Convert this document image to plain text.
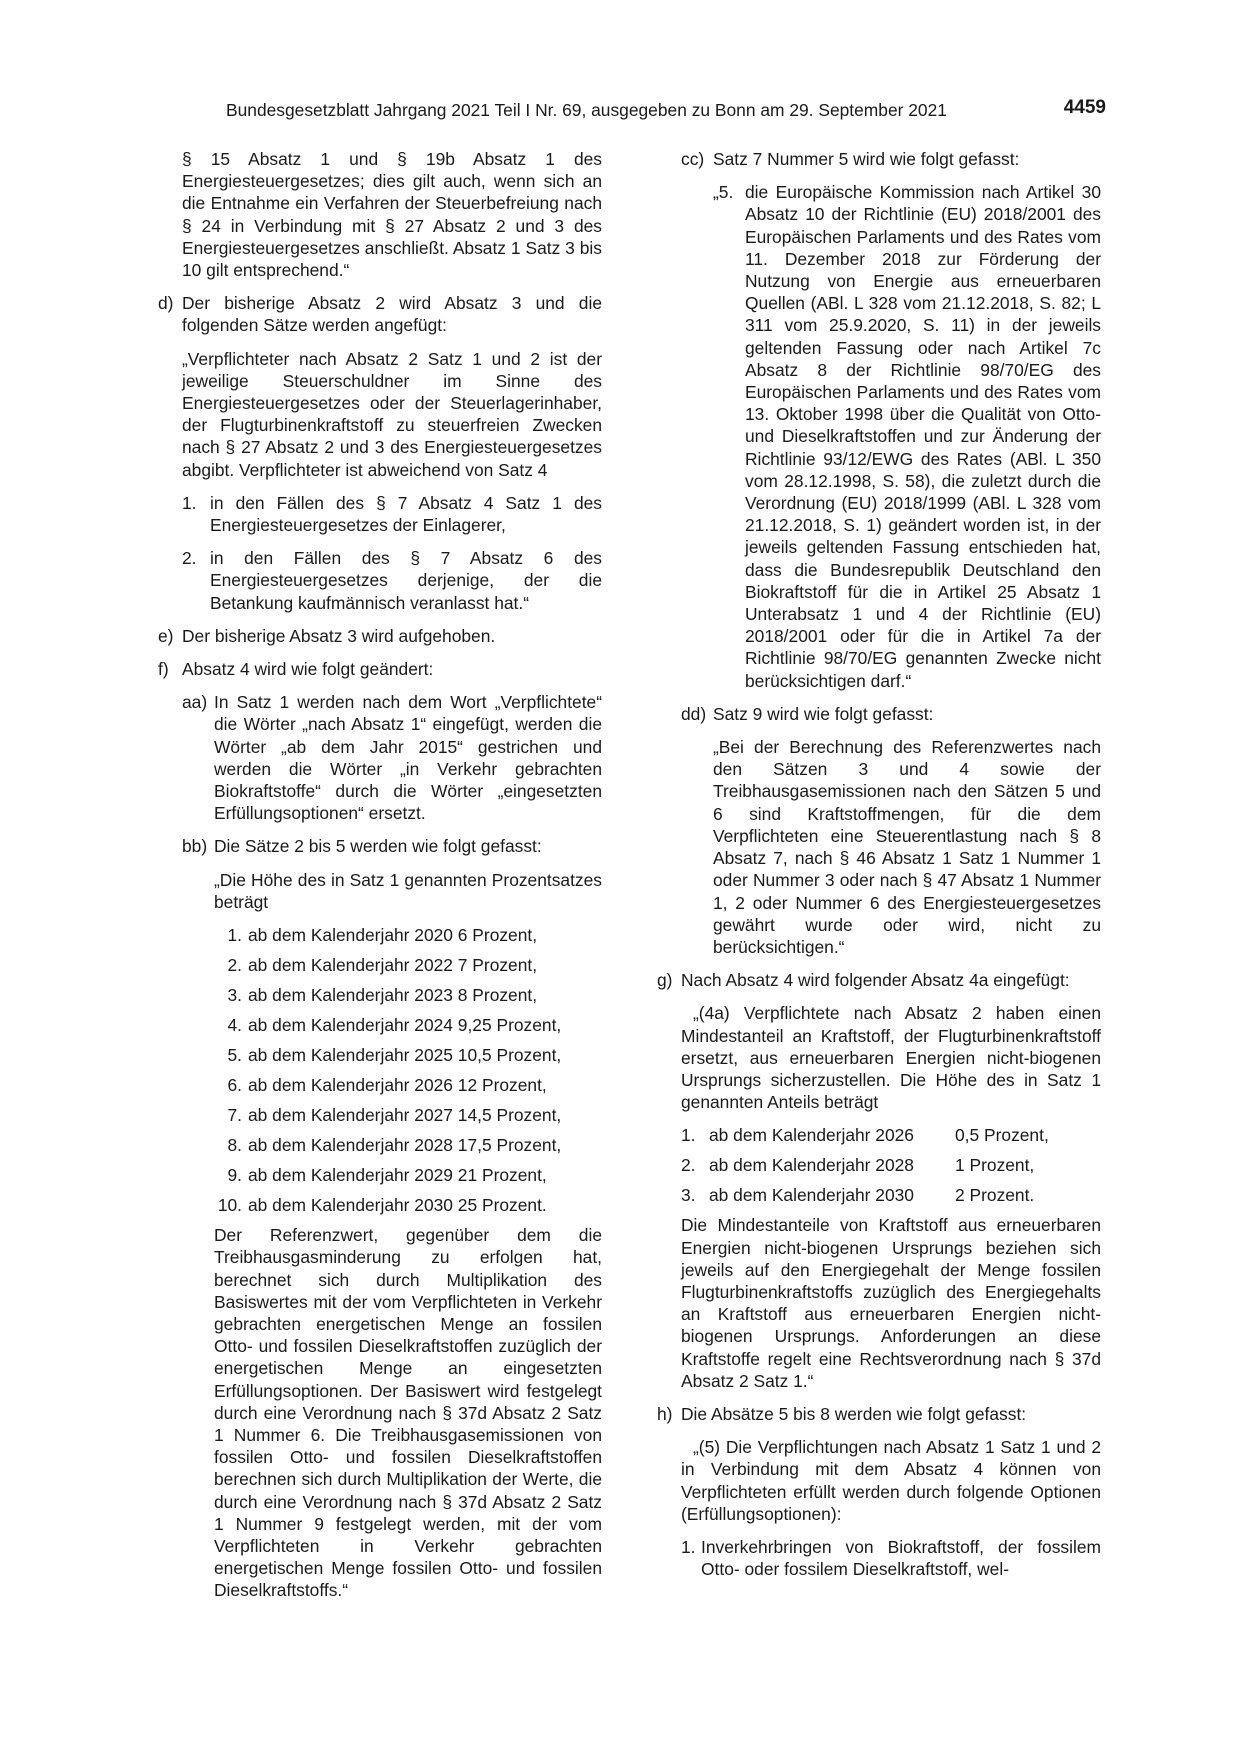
Bundesgesetzblatt Jahrgang 2021 Teil I Nr. 69, ausgegeben zu Bonn am 29. September 2021	4459

§ 15 Absatz 1 und § 19b Absatz 1 des Energiesteuergesetzes; dies gilt auch, wenn sich an die Entnahme ein Verfahren der Steuerbefreiung nach § 24 in Verbindung mit § 27 Absatz 2 und 3 des Energiesteuergesetzes anschließt. Absatz 1 Satz 3 bis 10 gilt entsprechend.“

d) Der bisherige Absatz 2 wird Absatz 3 und die folgenden Sätze werden angefügt:

„Verpflichteter nach Absatz 2 Satz 1 und 2 ist der jeweilige Steuerschuldner im Sinne des Energiesteuergesetzes oder der Steuerlagerinhaber, der Flugturbinenkraftstoff zu steuerfreien Zwecken nach § 27 Absatz 2 und 3 des Energiesteuergesetzes abgibt. Verpflichteter ist abweichend von Satz 4

1. in den Fällen des § 7 Absatz 4 Satz 1 des Energiesteuergesetzes der Einlagerer,
2. in den Fällen des § 7 Absatz 6 des Energiesteuergesetzes derjenige, der die Betankung kaufmännisch veranlasst hat.“
e) Der bisherige Absatz 3 wird aufgehoben.
f) Absatz 4 wird wie folgt geändert:
aa) In Satz 1 werden nach dem Wort „Verpflichtete“ die Wörter „nach Absatz 1“ eingefügt, werden die Wörter „ab dem Jahr 2015“ gestrichen und werden die Wörter „in Verkehr gebrachten Biokraftstoffe“ durch die Wörter „eingesetzten Erfüllungsoptionen“ ersetzt.
bb) Die Sätze 2 bis 5 werden wie folgt gefasst:

„Die Höhe des in Satz 1 genannten Prozentsatzes beträgt

1. ab dem Kalenderjahr 2020 6 Prozent,
2. ab dem Kalenderjahr 2022 7 Prozent,
3. ab dem Kalenderjahr 2023 8 Prozent,
4. ab dem Kalenderjahr 2024 9,25 Prozent,
5. ab dem Kalenderjahr 2025 10,5 Prozent,
6. ab dem Kalenderjahr 2026 12 Prozent,
7. ab dem Kalenderjahr 2027 14,5 Prozent,
8. ab dem Kalenderjahr 2028 17,5 Prozent,
9. ab dem Kalenderjahr 2029 21 Prozent,
10. ab dem Kalenderjahr 2030 25 Prozent.

Der Referenzwert, gegenüber dem die Treibhausgasminderung zu erfolgen hat, berechnet sich durch Multiplikation des Basiswertes mit der vom Verpflichteten in Verkehr gebrachten energetischen Menge an fossilen Otto- und fossilen Dieselkraftstoffen zuzüglich der energetischen Menge an eingesetzten Erfüllungsoptionen. Der Basiswert wird festgelegt durch eine Verordnung nach § 37d Absatz 2 Satz 1 Nummer 6. Die Treibhausgasemissionen von fossilen Otto- und fossilen Dieselkraftstoffen berechnen sich durch Multiplikation der Werte, die durch eine Verordnung nach § 37d Absatz 2 Satz 1 Nummer 9 festgelegt werden, mit der vom Verpflichteten in Verkehr gebrachten energetischen Menge fossilen Otto- und fossilen Dieselkraftstoffs.“

cc) Satz 7 Nummer 5 wird wie folgt gefasst:
„5. die Europäische Kommission nach Artikel 30 Absatz 10 der Richtlinie (EU) 2018/2001 des Europäischen Parlaments und des Rates vom 11. Dezember 2018 zur Förderung der Nutzung von Energie aus erneuerbaren Quellen (ABl. L 328 vom 21.12.2018, S. 82; L 311 vom 25.9.2020, S. 11) in der jeweils geltenden Fassung oder nach Artikel 7c Absatz 8 der Richtlinie 98/70/EG des Europäischen Parlaments und des Rates vom 13. Oktober 1998 über die Qualität von Otto- und Dieselkraftstoffen und zur Änderung der Richtlinie 93/12/EWG des Rates (ABl. L 350 vom 28.12.1998, S. 58), die zuletzt durch die Verordnung (EU) 2018/1999 (ABl. L 328 vom 21.12.2018, S. 1) geändert worden ist, in der jeweils geltenden Fassung entschieden hat, dass die Bundesrepublik Deutschland den Biokraftstoff für die in Artikel 25 Absatz 1 Unterabsatz 1 und 4 der Richtlinie (EU) 2018/2001 oder für die in Artikel 7a der Richtlinie 98/70/EG genannten Zwecke nicht berücksichtigen darf.“
dd) Satz 9 wird wie folgt gefasst:

„Bei der Berechnung des Referenzwertes nach den Sätzen 3 und 4 sowie der Treibhausgasemissionen nach den Sätzen 5 und 6 sind Kraftstoffmengen, für die dem Verpflichteten eine Steuerentlastung nach § 8 Absatz 7, nach § 46 Absatz 1 Satz 1 Nummer 1 oder Nummer 3 oder nach § 47 Absatz 1 Nummer 1, 2 oder Nummer 6 des Energiesteuergesetzes gewährt wurde oder wird, nicht zu berücksichtigen.“

g) Nach Absatz 4 wird folgender Absatz 4a eingefügt:

„(4a) Verpflichtete nach Absatz 2 haben einen Mindestanteil an Kraftstoff, der Flugturbinenkraftstoff ersetzt, aus erneuerbaren Energien nicht-biogenen Ursprungs sicherzustellen. Die Höhe des in Satz 1 genannten Anteils beträgt

1. ab dem Kalenderjahr 2026 0,5 Prozent,
2. ab dem Kalenderjahr 2028 1 Prozent,
3. ab dem Kalenderjahr 2030 2 Prozent.

Die Mindestanteile von Kraftstoff aus erneuerbaren Energien nicht-biogenen Ursprungs beziehen sich jeweils auf den Energiegehalt der Menge fossilen Flugturbinenkraftstoffs zuzüglich des Energiegehalts an Kraftstoff aus erneuerbaren Energien nicht-biogenen Ursprungs. Anforderungen an diese Kraftstoffe regelt eine Rechtsverordnung nach § 37d Absatz 2 Satz 1.“

h) Die Absätze 5 bis 8 werden wie folgt gefasst:

„(5) Die Verpflichtungen nach Absatz 1 Satz 1 und 2 in Verbindung mit dem Absatz 4 können von Verpflichteten erfüllt werden durch folgende Optionen (Erfüllungsoptionen):

1. Inverkehrbringen von Biokraftstoff, der fossilem Otto- oder fossilem Dieselkraftstoff, wel-
